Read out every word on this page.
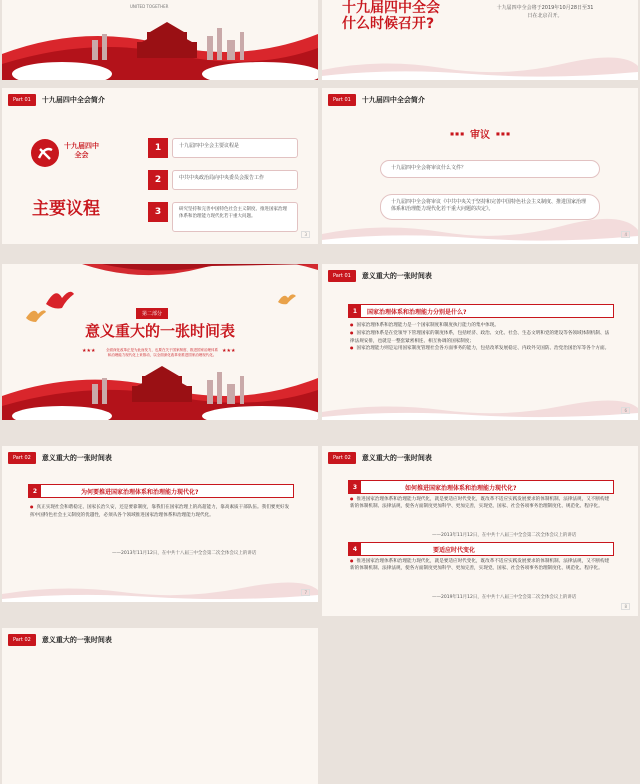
UNITED TOGETHER	十九届四中全会
什么时候召开?
十九届四中全会将于2019年10月28日至31
日在北京召开。
Part 01	十九届四中全会简介
十九届四中
全会
主要议程
1	十九届四中全会主要议程是
2	中共中央政治局向中央委员会报告工作
3	研究坚持和完善中国特色社会主义制度、推进国家治理体系和治理能力现代化若干重大问题。
3
Part 01	十九届四中全会简介
■ ■ ■ 审议 ■ ■ ■
十九届四中全会将审议什么文件？
十九届四中全会将审议《中共中央关于坚持和完善中国特色社会主义制度、推进国家治理体系和治理能力现代化若干重大问题的决定》。
4
第二部分
意义重大的一张时间表
全面深化改革正是为此而发力，也要在关于国家制度、推进国家治理体系
和治理能力现代化上来推动，以全面深化改革来推进国家治理现代化。
★★★	★★★
Part 01	意义重大的一张时间表
1	国家治理体系和治理能力分别是什么?
● 国家治理体系和治理能力是一个国家制度和制度执行能力的集中体现。
● 国家治理体系是在党领导下管理国家的制度体系，包括经济、政治、文化、社会、生态文明和党的建设等各领域体制机制、法律法规安排，也就是一整套紧密相连、相互协调的国家制度；
● 国家治理能力则是运用国家制度管理社会各方面事务的能力，包括改革发展稳定、内政外交国防、治党治国治军等各个方面。
6
Part 02	意义重大的一张时间表
2	为何要推进国家治理体系和治理能力现代化?
● 真正实现社会和谐稳定、国家长治久安，还是要靠制度，靠我们在国家治理上的高超能力，靠高素质干部队伍。我们要更好发挥中国特色社会主义制度的优越性，必须从各个领域推进国家治理体系和治理能力现代化。
——2013年11月12日，在中共十八届三中全会第二次全体会议上的讲话
7
Part 02	意义重大的一张时间表
3	如何推进国家治理体系和治理能力现代化?
● 推进国家治理体系和治理能力现代化，就是要适应时代变化，既改革不适应实践发展要求的体制机制、法律法规，又不断构建新的体制机制、法律法规，使各方面制度更加科学、更加完善，实现党、国家、社会各项事务治理制度化、规范化、程序化。
——2013年11月12日，在中共十八届三中全会第二次全体会议上的讲话
4	要适应时代变化
● 推进国家治理体系和治理能力现代化，就是要适应时代变化，既改革不适应实践发展要求的体制机制、法律法规，又不断构建新的体制机制、法律法规，使各方面制度更加科学、更加完善，实现党、国家、社会各项事务治理制度化、规范化、程序化。
——2019年11月12日，在中共十八届三中全会第二次全体会议上的讲话
8
Part 02	意义重大的一张时间表
